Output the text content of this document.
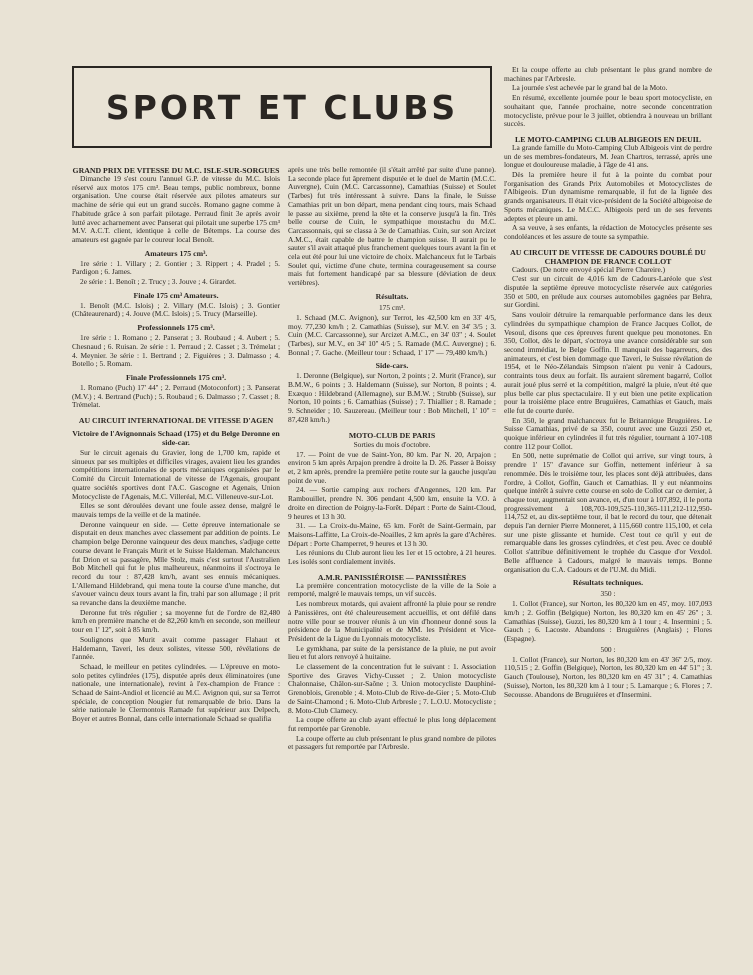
SPORT ET CLUBS

GRAND PRIX DE VITESSE DU M.C. ISLE-SUR-SORGUES

Dimanche 19 s'est couru l'annuel G.P. de vitesse du M.C. Islois réservé aux motos 175 cm³. Beau temps, public nombreux, bonne organisation. Une course était réservée aux pilotes amateurs sur machine de série qui eut un grand succès. Romano gagne comme à l'habitude grâce à son parfait pilotage. Perraud finit 3e après avoir lutté avec acharnement avec Panserat qui pilotait une superbe 175 cm³ M.V. A.C.T. client, identique à celle de Bétemps. La course des amateurs est gagnée par le coureur local Benoît.

Amateurs 175 cm³.

1re série : 1. Villary ; 2. Gontier ; 3. Rippert ; 4. Pradel ; 5. Pardigon ; 6. James.

2e série : 1. Benoît ; 2. Trucy ; 3. Jouve ; 4. Girardet.

Finale 175 cm³ Amateurs.

1. Benoît (M.C. Islois) ; 2. Villary (M.C. Islois) ; 3. Gontier (Châteaurenard) ; 4. Jouve (M.C. Islois) ; 5. Trucy (Marseille).

Professionnels 175 cm³.

1re série : 1. Romano ; 2. Panserat ; 3. Roubaud ; 4. Aubert ; 5. Chesnaud ; 6. Ruisan. 2e série : 1. Perraud ; 2. Casset ; 3. Trémelat ; 4. Meynier. 3e série : 1. Bertrand ; 2. Figuières ; 3. Dalmasso ; 4. Botello ; 5. Romam.

Finale Professionnels 175 cm³.

1. Romano (Puch) 17' 44'' ; 2. Perraud (Motoconfort) ; 3. Panserat (M.V.) ; 4. Bertrand (Puch) ; 5. Roubaud ; 6. Dalmasso ; 7. Casset ; 8. Trémelat.

AU CIRCUIT INTERNATIONAL DE VITESSE D'AGEN

Victoire de l'Avignonnais Schaad (175) et du Belge Deronne en side-car.

Sur le circuit agenais du Gravier, long de 1,700 km, rapide et sinueux par ses multiples et difficiles virages, avaient lieu les grandes compétitions internationales de sports mécaniques organisées par le Comité du Circuit International de vitesse de l'Agenais, groupant quatre sociétés sportives dont l'A.C. Gascogne et Agenais, Union Motocycliste de l'Agenais, M.C. Villeréal, M.C. Villeneuve-sur-Lot.

Elles se sont déroulées devant une foule assez dense, malgré le mauvais temps de la veille et de la matinée.

Deronne vainqueur en side. — Cette épreuve internationale se disputait en deux manches avec classement par addition de points. Le champion belge Deronne vainqueur des deux manches, s'adjuge cette course devant le Français Murit et le Suisse Haldeman. Malchanceux fut Drion et sa passagère, Mlle Stolz, mais c'est surtout l'Australien Bob Mitchell qui fut le plus malheureux, néanmoins il s'octroya le record du tour : 87,428 km/h, avant ses ennuis mécaniques. L'Allemand Hildebrand, qui mena toute la course d'une manche, dut s'avouer vaincu deux tours avant la fin, trahi par son allumage ; il prit sa revanche dans la deuxième manche.

Deronne fut très régulier ; sa moyenne fut de l'ordre de 82,480 km/h en première manche et de 82,260 km/h en seconde, son meilleur tour en 1' 12'', soit à 85 km/h.

Soulignons que Murit avait comme passager Flahaut et Haldemann, Taveri, les deux solistes, vitesse 500, révélations de l'année.

Schaad, le meilleur en petites cylindrées. — L'épreuve en moto-solo petites cylindrées (175), disputée après deux éliminatoires (une nationale, une internationale), revint à l'ex-champion de France : Schaad de Saint-Andiol et licencié au M.C. Avignon qui, sur sa Terrot spéciale, de conception Nougier fut remarquable de brio. Dans la série nationale le Clermontois Ramade fut supérieur aux Delpech, Boyer et autres Bonnal, dans celle internationale Schaad se qualifia

après une très belle remontée (il s'était arrêté par suite d'une panne). La seconde place fut âprement disputée et le duel de Martin (M.C.C. Auvergne), Cuin (M.C. Carcassonne), Camathias (Suisse) et Soulet (Tarbes) fut très intéressant à suivre. Dans la finale, le Suisse Camathias prit un bon départ, mena pendant cinq tours, mais Schaad le passe au sixième, prend la tête et la conserve jusqu'à la fin. Très belle course de Cuin, le sympathique moustachu du M.C. Carcassonnais, qui se classa à 3e de Camathias. Cuin, sur son Arcizet A.M.C., était capable de battre le champion suisse. Il aurait pu le sauter s'il avait attaqué plus franchement quelques tours avant la fin et cela eut été pour lui une victoire de choix. Malchanceux fut le Tarbais Soulet qui, victime d'une chute, termina courageusement sa course mais fut fortement handicapé par sa blessure (déviation de deux vertèbres).

Résultats.

175 cm³.

1. Schaad (M.C. Avignon), sur Terrot, les 42,500 km en 33' 4/5, moy. 77,230 km/h ; 2. Camathias (Suisse), sur M.V. en 34' 3/5 ; 3. Cuin (M.C. Carcassonne), sur Arcizet A.M.C., en 34' 03'' ; 4. Soulet (Tarbes), sur M.V., en 34' 10'' 4/5 ; 5. Ramade (M.C. Auvergne) ; 6. Bonnal ; 7. Gache. (Meilleur tour : Schaad, 1' 17'' — 79,480 km/h.)

Side-cars.

1. Deronne (Belgique), sur Norton, 2 points ; 2. Murit (France), sur B.M.W., 6 points ; 3. Haldemann (Suisse), sur Norton, 8 points ; 4. Exæquo : Hildebrand (Allemagne), sur B.M.W. ; Strubb (Suisse), sur Norton, 10 points ; 6. Camathias (Suisse) ; 7. Thiallier ; 8. Ramade ; 9. Schneider ; 10. Sauzereau. (Meilleur tour : Bob Mitchell, 1' 10'' = 87,428 km/h.)

MOTO-CLUB DE PARIS

Sorties du mois d'octobre.

17. — Point de vue de Saint-Yon, 80 km. Par N. 20, Arpajon ; environ 5 km après Arpajon prendre à droite la D. 26. Passer à Boissy et, 2 km après, prendre la première petite route sur la gauche jusqu'au point de vue.

24. — Sortie camping aux rochers d'Angennes, 120 km. Par Rambouillet, prendre N. 306 pendant 4,500 km, ensuite la V.O. à droite en direction de Poigny-la-Forêt. Départ : Porte de Saint-Cloud, 9 heures et 13 h 30.

31. — La Croix-du-Maine, 65 km. Forêt de Saint-Germain, par Maisons-Laffitte, La Croix-de-Noailles, 2 km après la gare d'Achères. Départ : Porte Champerret, 9 heures et 13 h 30.

Les réunions du Club auront lieu les 1er et 15 octobre, à 21 heures. Les isolés sont cordialement invités.

A.M.R. PANISSIÉROISE — PANISSIÈRES

La première concentration motocycliste de la ville de la Soie a remporté, malgré le mauvais temps, un vif succès.

Les nombreux motards, qui avaient affronté la pluie pour se rendre à Panissières, ont été chaleureusement accueillis, et ont défilé dans notre ville pour se trouver réunis à un vin d'honneur donné sous la présidence de la Municipalité et de MM. les Président et Vice-Président de la Ligue du Lyonnais motocycliste.

Le gymkhana, par suite de la persistance de la pluie, ne put avoir lieu et fut alors renvoyé à huitaine.

Le classement de la concentration fut le suivant : 1. Association Sportive des Graves Vichy-Cusset ; 2. Union motocycliste Chalonnaise, Châlon-sur-Saône ; 3. Union motocycliste Dauphiné-Grenoblois, Grenoble ; 4. Moto-Club de Rive-de-Gier ; 5. Moto-Club de Saint-Chamond ; 6. Moto-Club Arbresle ; 7. L.O.U. Motocycliste ; 8. Moto-Club Clamecy.

La coupe offerte au club ayant effectué le plus long déplacement fut remportée par Grenoble.

La coupe offerte au club présentant le plus grand nombre de pilotes et passagers fut remportée par l'Arbresle.

Et la coupe offerte au club présentant le plus grand nombre de machines par l'Arbresle.

La journée s'est achevée par le grand bal de la Moto.

En résumé, excellente journée pour le beau sport motocycliste, en souhaitant que, l'année prochaine, notre seconde concentration motocycliste, prévue pour le 3 juillet, obtiendra à nouveau un brillant succès.

LE MOTO-CAMPING CLUB ALBIGEOIS EN DEUIL

La grande famille du Moto-Camping Club Albigeois vint de perdre un de ses membres-fondateurs, M. Jean Chartros, terrassé, après une longue et douloureuse maladie, à l'âge de 41 ans.

Dès la première heure il fut à la pointe du combat pour l'organisation des Grands Prix Automobiles et Motocyclistes de l'Albigeois. D'un dynamisme remarquable, il fut de la lignée des grands organisateurs. Il était vice-président de la Société albigeoise de Sports mécaniques. Le M.C.C. Albigeois perd un de ses fervents adeptes et pleure un ami.

A sa veuve, à ses enfants, la rédaction de Motocycles présente ses condoléances et les assure de toute sa sympathie.

AU CIRCUIT DE VITESSE DE CADOURS DOUBLÉ DU CHAMPION DE FRANCE COLLOT

Cadours. (De notre envoyé spécial Pierre Chareire.)

C'est sur un circuit de 4,016 km de Cadours-Laréole que s'est disputée la septième épreuve motocycliste réservée aux catégories 350 et 500, en prélude aux courses automobiles gagnées par Behra, sur Gordini.

Sans vouloir détruire la remarquable performance dans les deux cylindrées du sympathique champion de France Jacques Collot, de Vesoul, disons que ces épreuves furent quelque peu monotones. En 350, Collot, dès le départ, s'octroya une avance considérable sur son second immédiat, le Belge Goffin. Il manquait des bagarreurs, des animateurs, et c'est bien dommage que Taveri, le Suisse révélation de 1954, et le Néo-Zélandais Simpson n'aient pu venir à Cadours, contraints tous deux au forfait. Ils auraient sûrement bagarré, Collot aurait joué plus serré et la compétition, malgré la pluie, n'eut été que plus belle car plus spectaculaire. Il y eut bien une petite explication pour la troisième place entre Bruguières, Camathias et Gauch, mais elle fut de courte durée.

En 350, le grand malchanceux fut le Britannique Bruguières. Le Suisse Camathias, privé de sa 350, courut avec une Guzzi 250 et, quoique inférieur en cylindrées il fut très régulier, tournant à 107-108 contre 112 pour Collot.

En 500, nette suprématie de Collot qui arrive, sur vingt tours, à prendre 1' 15'' d'avance sur Goffin, nettement inférieur à sa renommée. Dès le troisième tour, les places sont déjà attribuées, dans l'ordre, à Collot, Goffin, Gauch et Camathias. Il y eut néanmoins quelque intérêt à suivre cette course en solo de Collot car ce dernier, à chaque tour, augmentait son avance, et, d'un tour à 107,892, il le porta progressivement à 108,703-109,525-110,365-111,212-112,950-114,752 et, au dix-septième tour, il bat le record du tour, que détenait depuis l'an dernier Pierre Monneret, à 115,660 contre 115,100, et cela sur une piste glissante et humide. C'est tout ce qu'il y eut de remarquable dans les grosses cylindrées, et c'est peu. Avec ce doublé Collot s'attribue définitivement le trophée du Casque d'or Vexdol. Belle affluence à Cadours, malgré le mauvais temps. Bonne organisation du C.A. Cadours et de l'U.M. du Midi.

Résultats techniques.

350 :

1. Collot (France), sur Norton, les 80,320 km en 45', moy. 107,093 km/h ; 2. Goffin (Belgique) Norton, les 80,320 km en 45' 26'' ; 3. Camathias (Suisse), Guzzi, les 80,320 km à 1 tour ; 4. Insermini ; 5. Gauch ; 6. Lacoste. Abandons : Bruguières (Anglais) ; Flores (Espagne).

500 :

1. Collot (France), sur Norton, les 80,320 km en 43' 36'' 2/5, moy. 110,515 ; 2. Goffin (Belgique), Norton, les 80,320 km en 44' 51'' ; 3. Gauch (Toulouse), Norton, les 80,320 km en 45' 31'' ; 4. Camathias (Suisse), Norton, les 80,320 km à 1 tour ; 5. Lamarque ; 6. Flores ; 7. Secousse. Abandons de Bruguières et d'Insermini.
